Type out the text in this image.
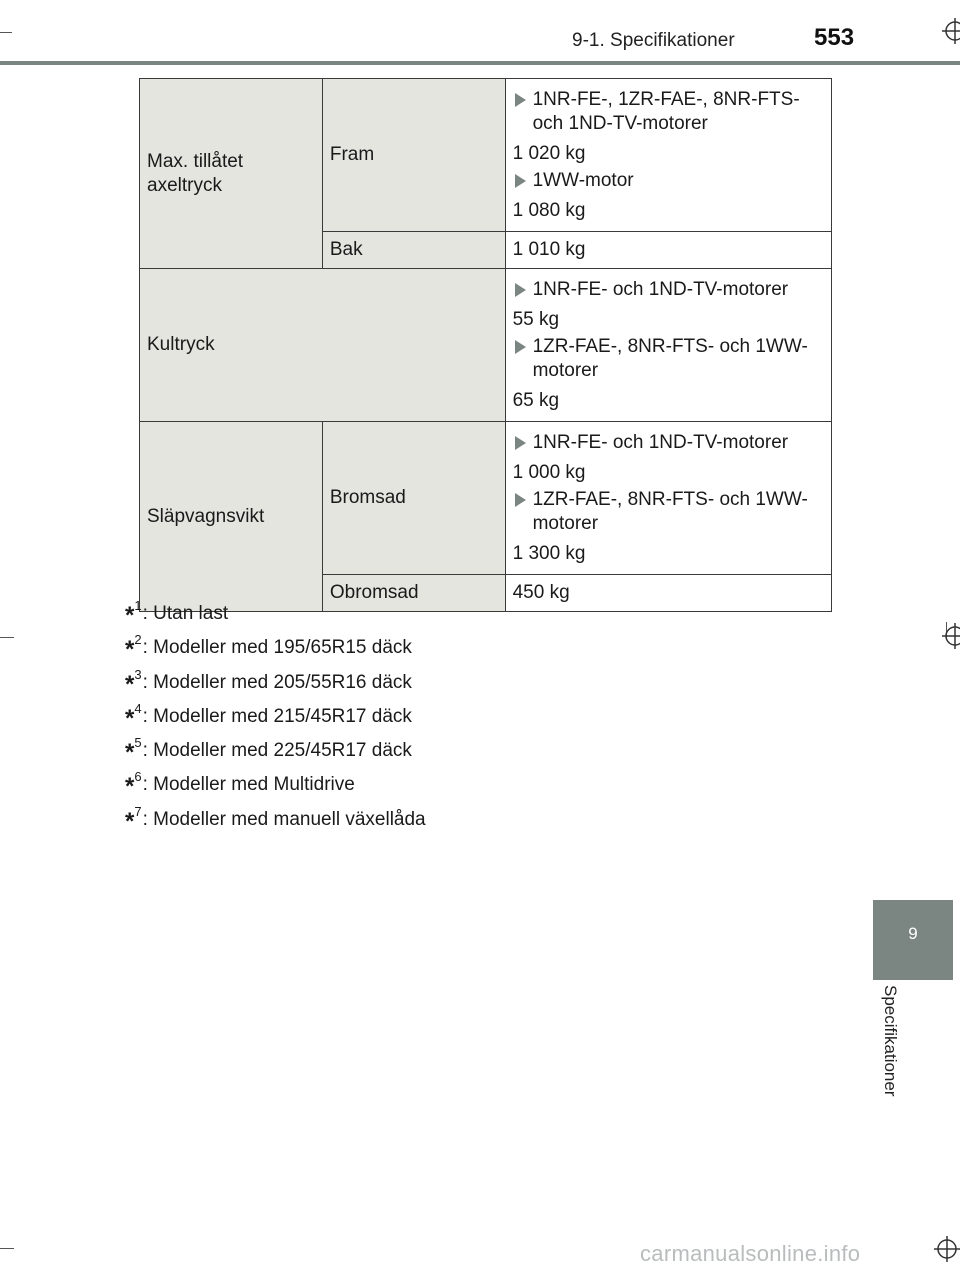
9-1. Specifikationer	553
Max. tillåtet axeltryck	Fram	1NR-FE-, 1ZR-FAE-, 8NR-FTS- och 1ND-TV-motorer
1 020 kg
1WW-motor
1 080 kg

	Bak	1 010 kg
Kultryck		1NR-FE- och 1ND-TV-motorer
55 kg
1ZR-FAE-, 8NR-FTS- och 1WW-motorer
65 kg

Släpvagnsvikt	Bromsad	1NR-FE- och 1ND-TV-motorer
1 000 kg
1ZR-FAE-, 8NR-FTS- och 1WW-motorer
1 300 kg

	Obromsad	450 kg
*$^1$ : Utan last
*$^2$ : Modeller med 195/65R15 däck
*$^3$ : Modeller med 205/55R16 däck
*$^4$ : Modeller med 215/45R17 däck
*$^5$ : Modeller med 225/45R17 däck
*$^6$ : Modeller med Multidrive
*$^7$ : Modeller med manuell växellåda
9
Specifikationer
carmanualsonline.info
